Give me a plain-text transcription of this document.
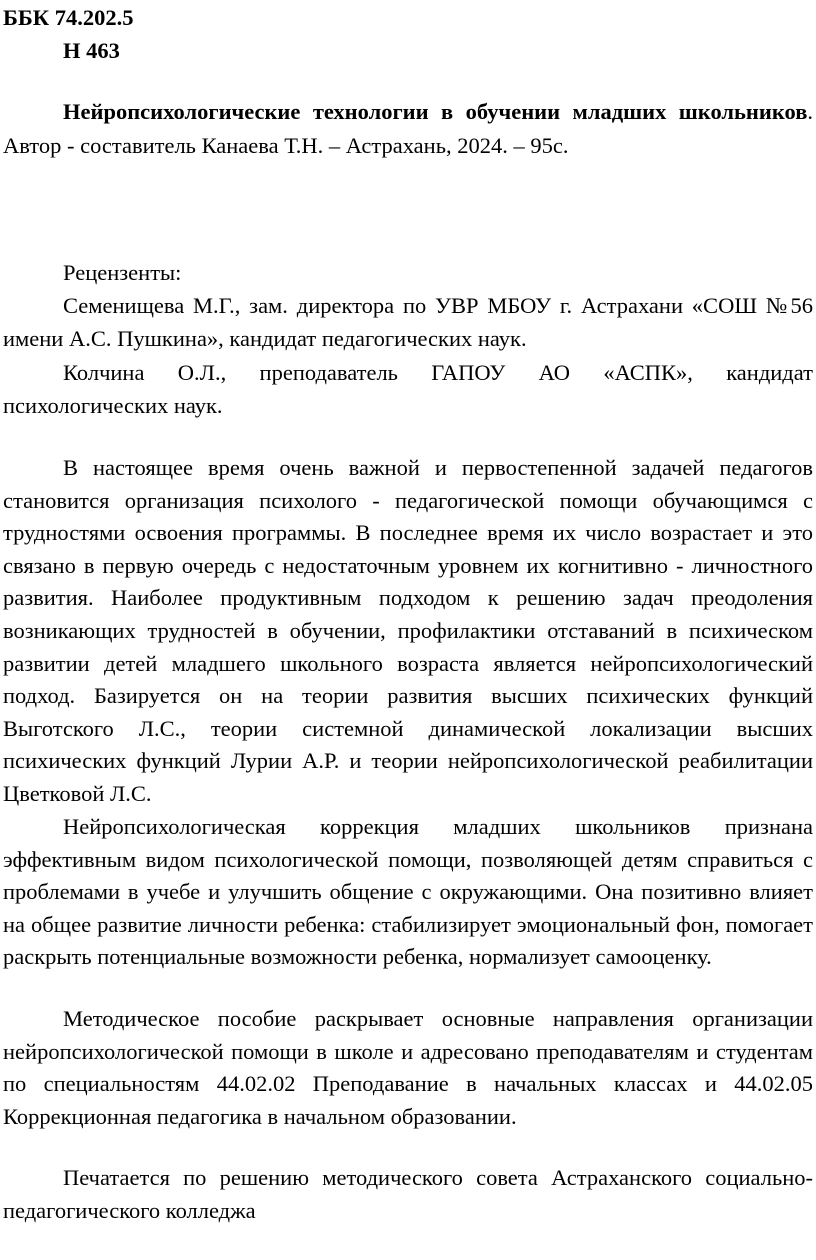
ББК 74.202.5
Н 463
Нейропсихологические технологии в обучении младших школьников. Автор - составитель Канаева Т.Н. – Астрахань, 2024. – 95с.
Рецензенты:
Семенищева М.Г., зам. директора по УВР МБОУ г. Астрахани «СОШ №56 имени А.С. Пушкина», кандидат педагогических наук.
Колчина О.Л., преподаватель ГАПОУ АО «АСПК», кандидат психологических наук.
В настоящее время очень важной и первостепенной задачей педагогов становится организация психолого - педагогической помощи обучающимся с трудностями освоения программы. В последнее время их число возрастает и это связано в первую очередь с недостаточным уровнем их когнитивно - личностного развития. Наиболее продуктивным подходом к решению задач преодоления возникающих трудностей в обучении, профилактики отставаний в психическом развитии детей младшего школьного возраста является нейропсихологический подход. Базируется он на теории развития высших психических функций Выготского Л.С., теории системной динамической локализации высших психических функций Лурии А.Р. и теории нейропсихологической реабилитации Цветковой Л.С.
Нейропсихологическая коррекция младших школьников признана эффективным видом психологической помощи, позволяющей детям справиться с проблемами в учебе и улучшить общение с окружающими. Она позитивно влияет на общее развитие личности ребенка: стабилизирует эмоциональный фон, помогает раскрыть потенциальные возможности ребенка, нормализует самооценку.
Методическое пособие раскрывает основные направления организации нейропсихологической помощи в школе и адресовано преподавателям и студентам по специальностям 44.02.02 Преподавание в начальных классах и 44.02.05 Коррекционная педагогика в начальном образовании.
Печатается по решению методического совета Астраханского социально-педагогического колледжа
